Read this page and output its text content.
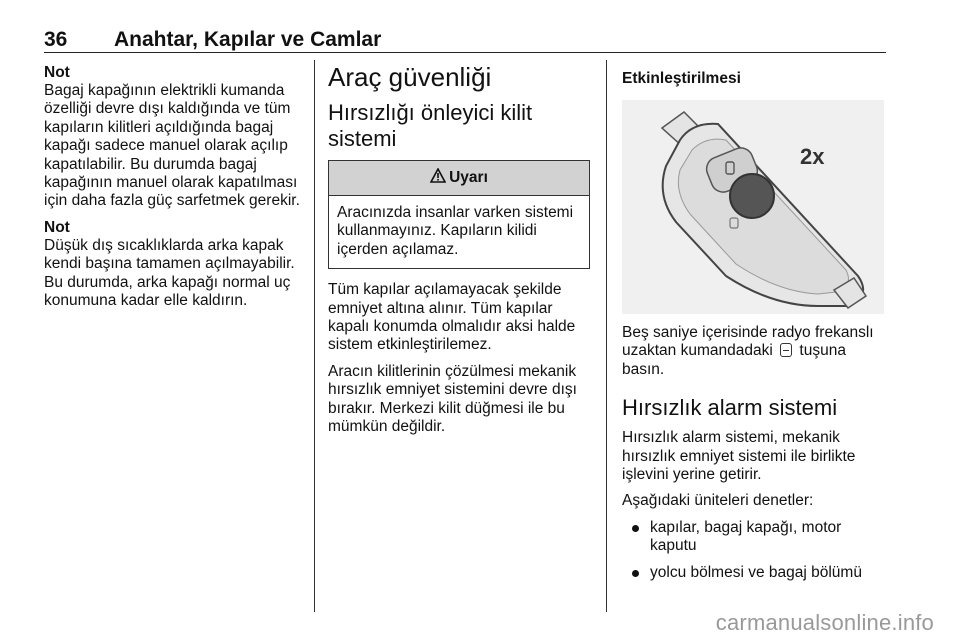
36 Anahtar, Kapılar ve Camlar

Not

Bagaj kapağının elektrikli kumanda özelliği devre dışı kaldığında ve tüm kapıların kilitleri açıldığında bagaj kapağı sadece manuel olarak açılıp kapatılabilir. Bu durumda bagaj kapağının manuel olarak kapatılması için daha fazla güç sarfetmek gerekir.

Not

Düşük dış sıcaklıklarda arka kapak kendi başına tamamen açılmayabilir. Bu durumda, arka kapağı normal uç konumuna kadar elle kaldırın.

Araç güvenliği
Hırsızlığı önleyici kilit sistemi
Uyarı

Aracınızda insanlar varken sistemi kullanmayınız. Kapıların kilidi içerden açılamaz.

Tüm kapılar açılamayacak şekilde emniyet altına alınır. Tüm kapılar kapalı konumda olmalıdır aksi halde sistem etkinleştirilemez.

Aracın kilitlerinin çözülmesi mekanik hırsızlık emniyet sistemini devre dışı bırakır. Merkezi kilit düğmesi ile bu mümkün değildir.

Etkinleştirilmesi
2x

Beş saniye içerisinde radyo frekanslı uzaktan kumandadaki tuşuna basın.

Hırsızlık alarm sistemi

Hırsızlık alarm sistemi, mekanik hırsızlık emniyet sistemi ile birlikte işlevini yerine getirir.

Aşağıdaki üniteleri denetler:

kapılar, bagaj kapağı, motor kaputu
yolcu bölmesi ve bagaj bölümü
carmanualsonline.info
